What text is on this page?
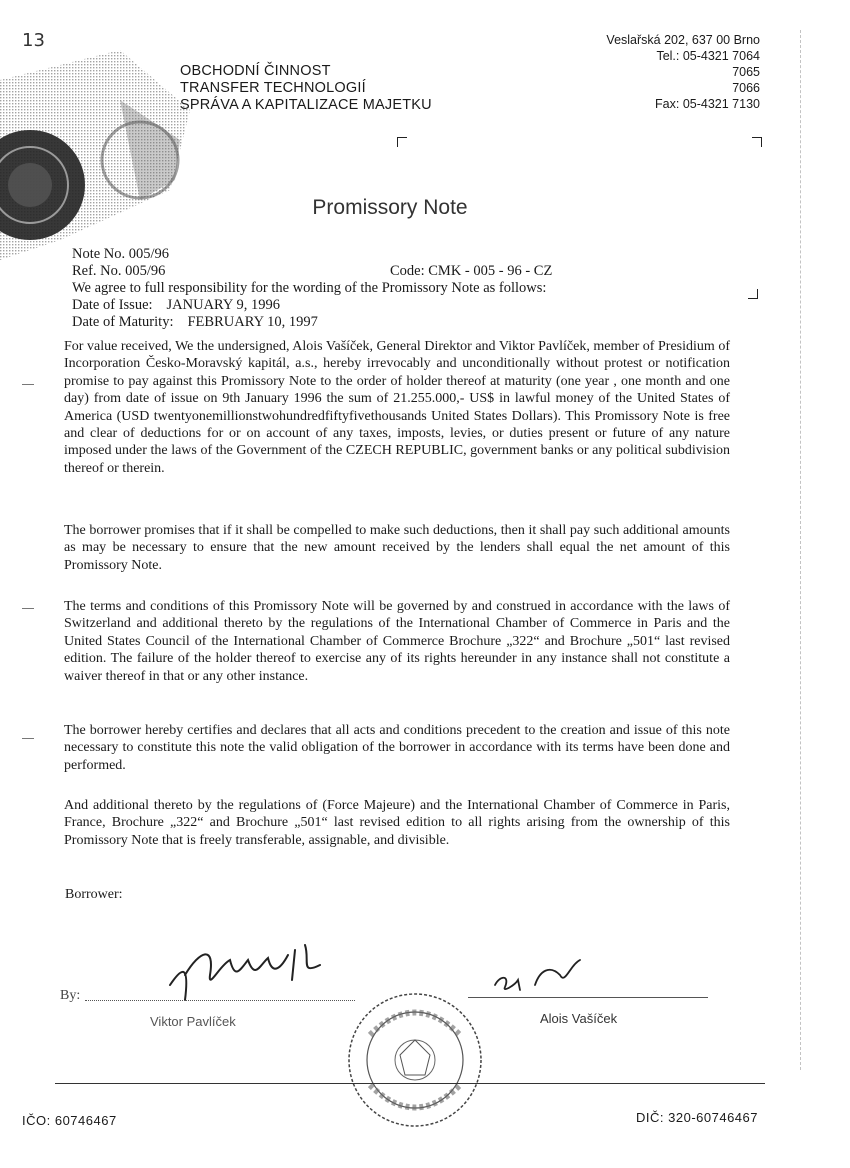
13
OBCHODNÍ ČINNOST
TRANSFER TECHNOLOGIÍ
SPRÁVA A KAPITALIZACE MAJETKU
Veslařská 202, 637 00 Brno
Tel.: 05-4321 7064
7065
7066
Fax: 05-4321 7130
Promissory Note
Note No. 005/96
Ref. No. 005/96	Code: CMK - 005 - 96 - CZ
We agree to full responsibility for the wording of the Promissory Note as follows:
Date of Issue: JANUARY 9, 1996
Date of Maturity: FEBRUARY 10, 1997

For value received, We the undersigned, Alois Vašíček, General Direktor and Viktor Pavlíček, member of Presidium of Incorporation Česko-Moravský kapitál, a.s., hereby irrevocably and unconditionally without protest or notification promise to pay against this Promissory Note to the order of holder thereof at maturity (one year , one month and one day) from date of issue on 9th January 1996 the sum of 21.255.000,- US$ in lawful money of the United States of America (USD twentyonemillionstwohundredfiftyfivethousands United States Dollars). This Promissory Note is free and clear of deductions for or on account of any taxes, imposts, levies, or duties present or future of any nature imposed under the laws of the Government of the CZECH REPUBLIC, government banks or any political subdivision thereof or therein.

The borrower promises that if it shall be compelled to make such deductions, then it shall pay such additional amounts as may be necessary to ensure that the new amount received by the lenders shall equal the net amount of this Promissory Note.

The terms and conditions of this Promissory Note will be governed by and construed in accordance with the laws of Switzerland and additional thereto by the regulations of the International Chamber of Commerce in Paris and the United States Council of the International Chamber of Commerce Brochure „322“ and Brochure „501“ last revised edition. The failure of the holder thereof to exercise any of its rights hereunder in any instance shall not constitute a waiver thereof in that or any other instance.

The borrower hereby certifies and declares that all acts and conditions precedent to the creation and issue of this note necessary to constitute this note the valid obligation of the borrower in accordance with its terms have been done and performed.

And additional thereto by the regulations of (Force Majeure) and the International Chamber of Commerce in Paris, France, Brochure „322“ and Brochure „501“ last revised edition to all rights arising from the ownership of this Promissory Note that is freely transferable, assignable, and divisible.

Borrower:
By:
Viktor Pavlíček	Alois Vašíček
IČO: 60746467	DIČ: 320-60746467
